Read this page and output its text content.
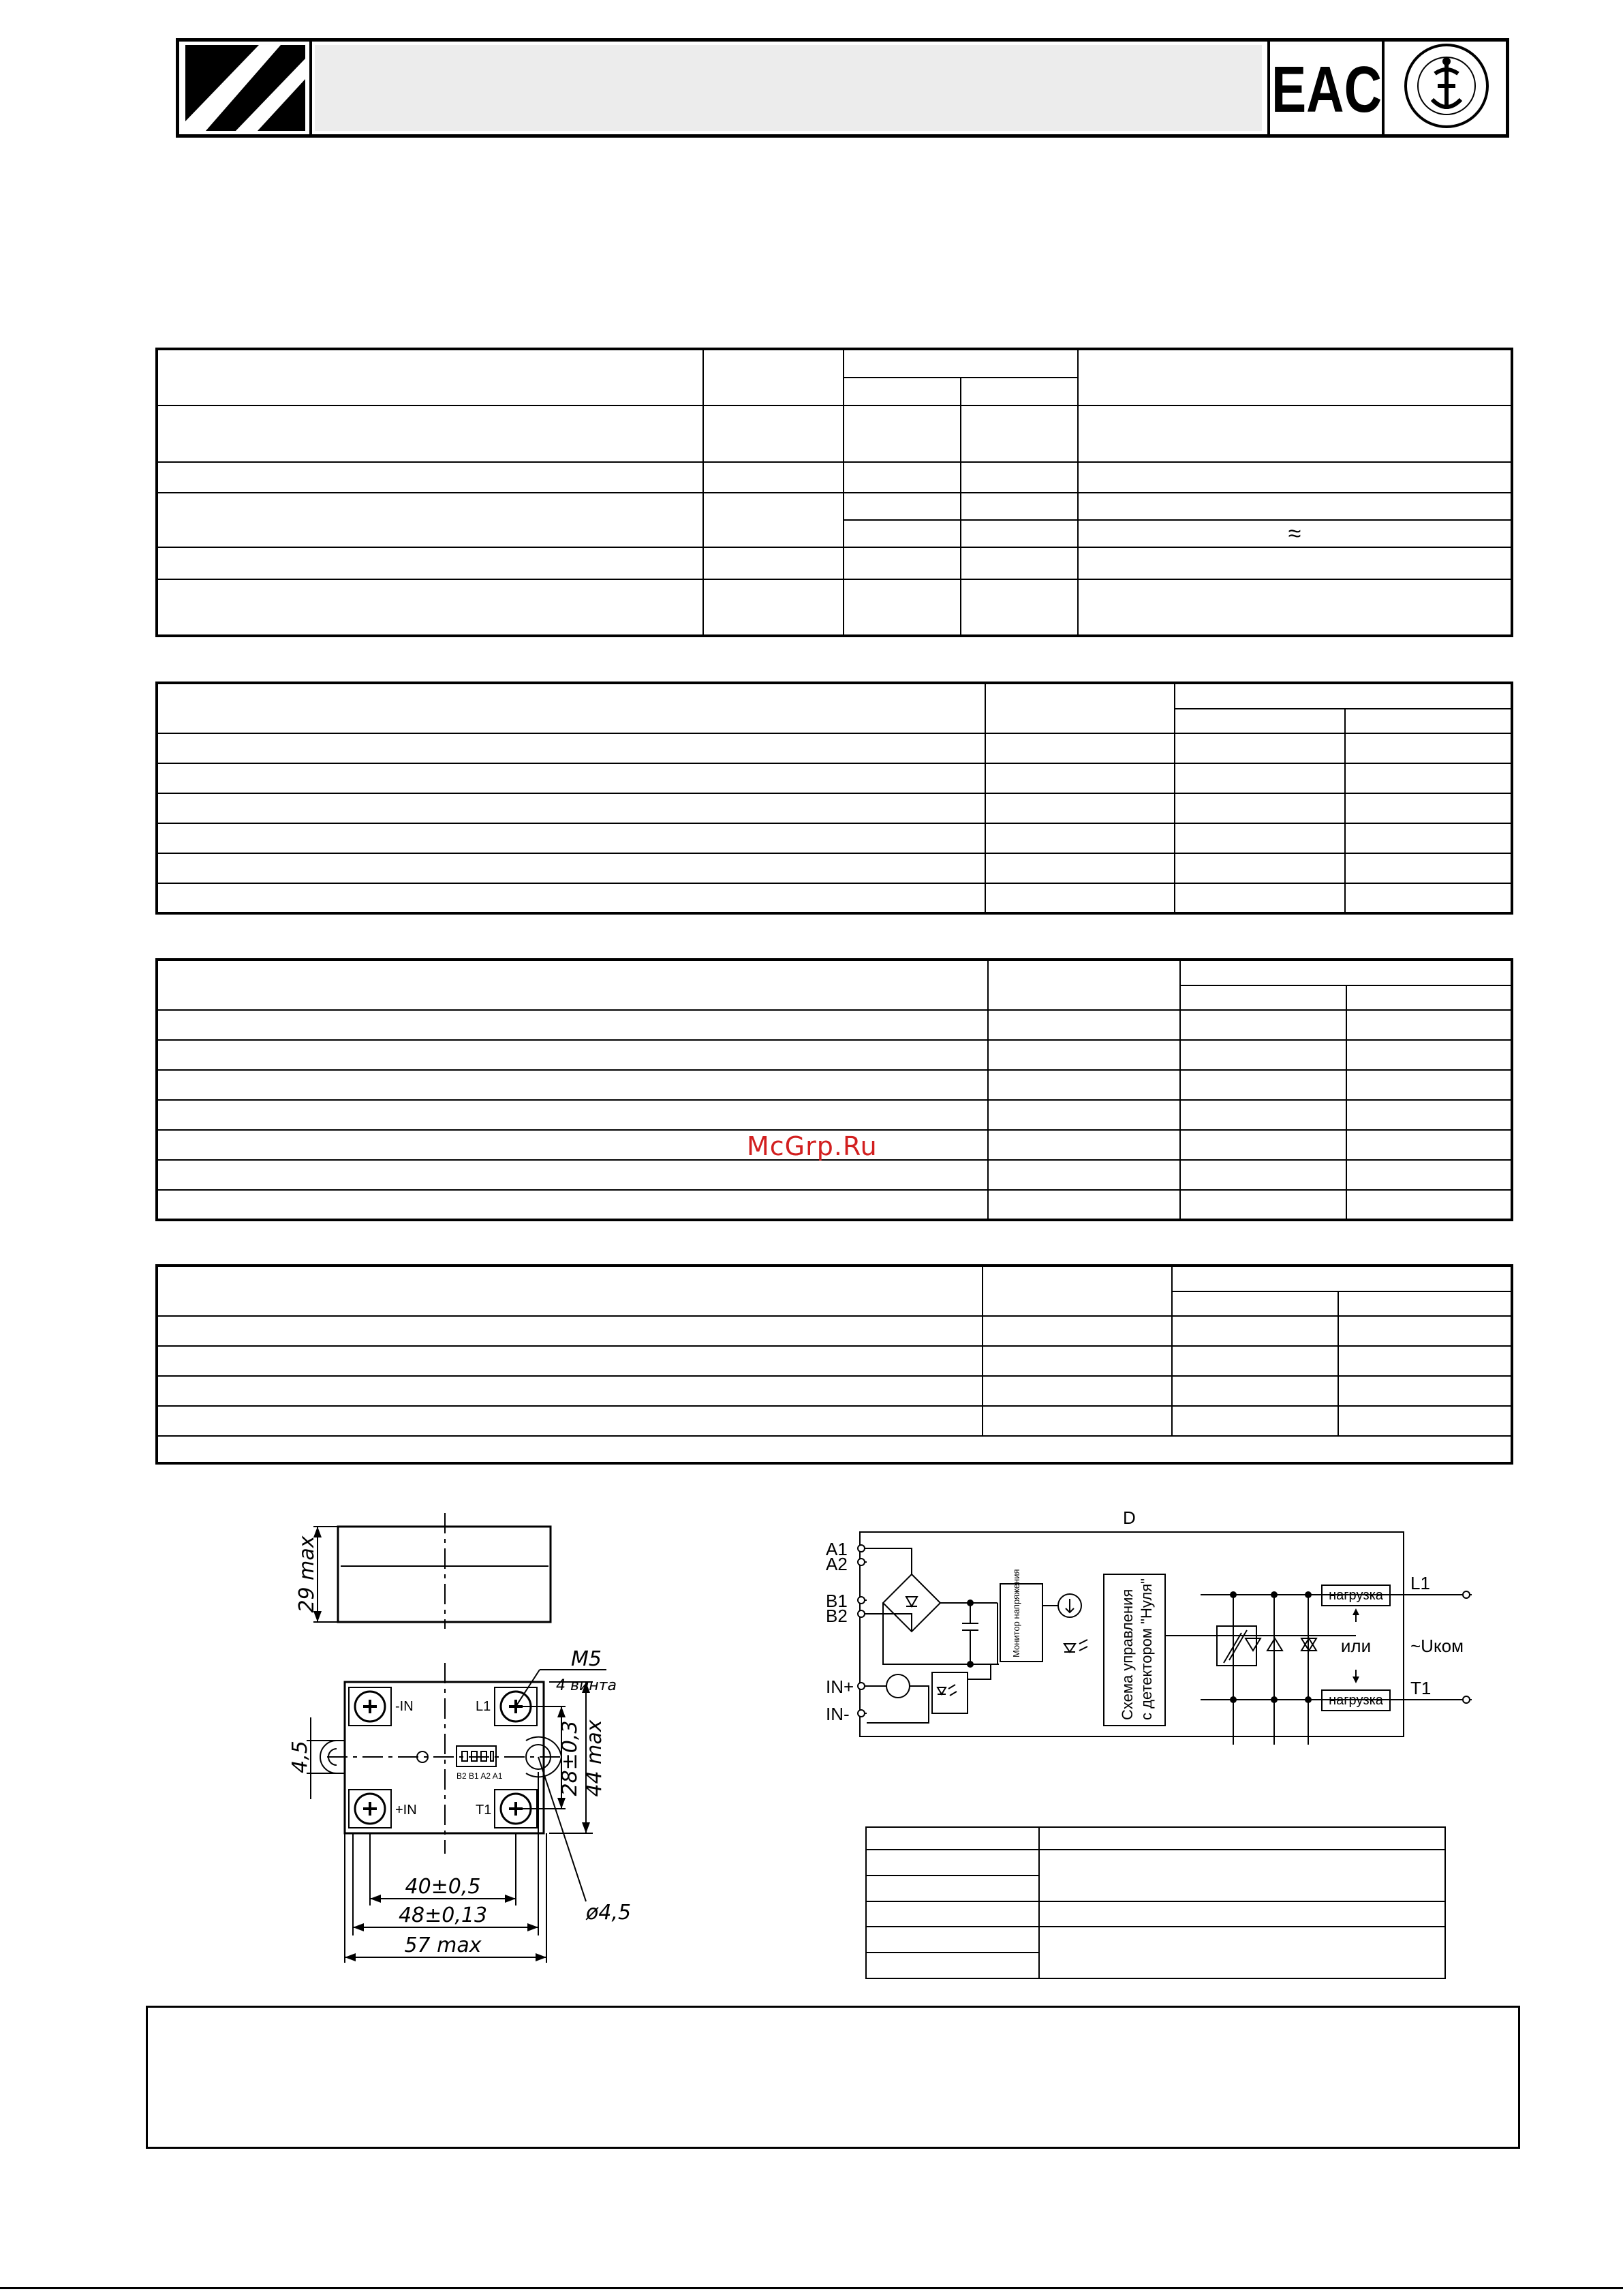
EAC

				≈

McGrp.Ru
29 max
M5
4 винта
-IN
+IN
L1
T1
B2 B1 A2 A1	28±0,3 44 max
4,5
40±0,5
48±0,13
57 max
ø4,5
D
A1
A2
B1
B2
IN+
IN-
Монитор напряжения	Схема управления с детектором "Нуля"	L1
T1
нагрузка
нагрузка
или ~Uком
